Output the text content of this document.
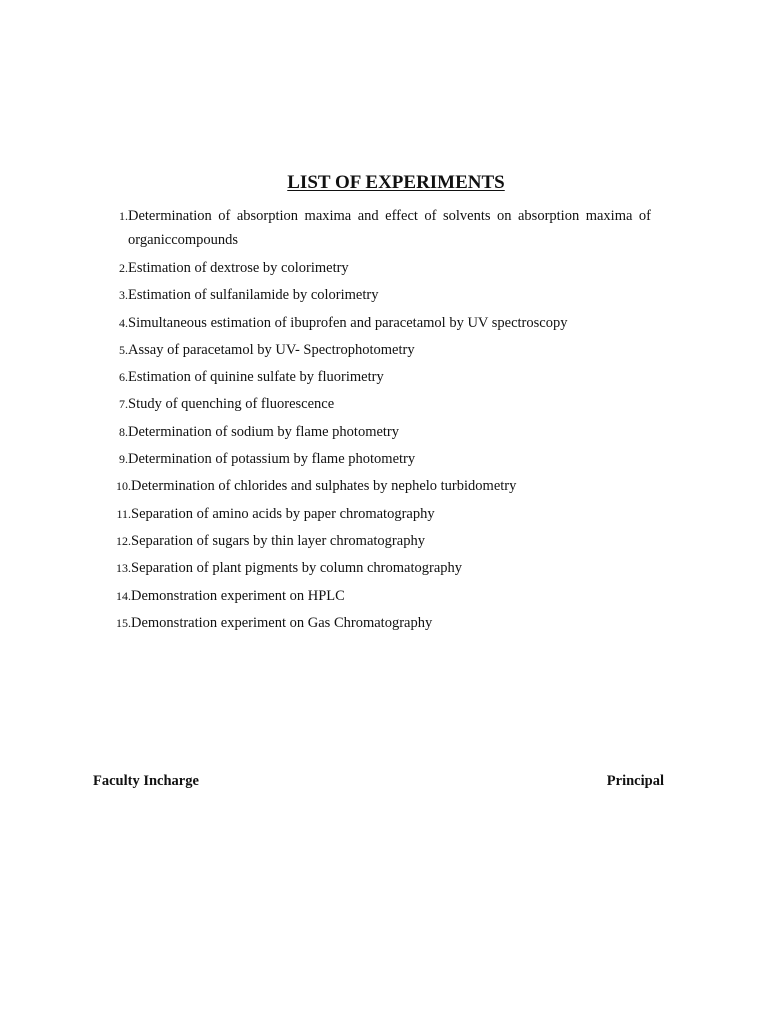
LIST OF EXPERIMENTS
1. Determination of absorption maxima and effect of solvents on absorption maxima of organiccompounds
2. Estimation of dextrose by colorimetry
3. Estimation of sulfanilamide by colorimetry
4. Simultaneous estimation of ibuprofen and paracetamol by UV spectroscopy
5. Assay of paracetamol by UV- Spectrophotometry
6. Estimation of quinine sulfate by fluorimetry
7. Study of quenching of fluorescence
8. Determination of sodium by flame photometry
9. Determination of potassium by flame photometry
10. Determination of chlorides and sulphates by nephelo turbidometry
11. Separation of amino acids by paper chromatography
12. Separation of sugars by thin layer chromatography
13. Separation of plant pigments by column chromatography
14. Demonstration experiment on HPLC
15. Demonstration experiment on Gas Chromatography
Faculty Incharge	Principal
